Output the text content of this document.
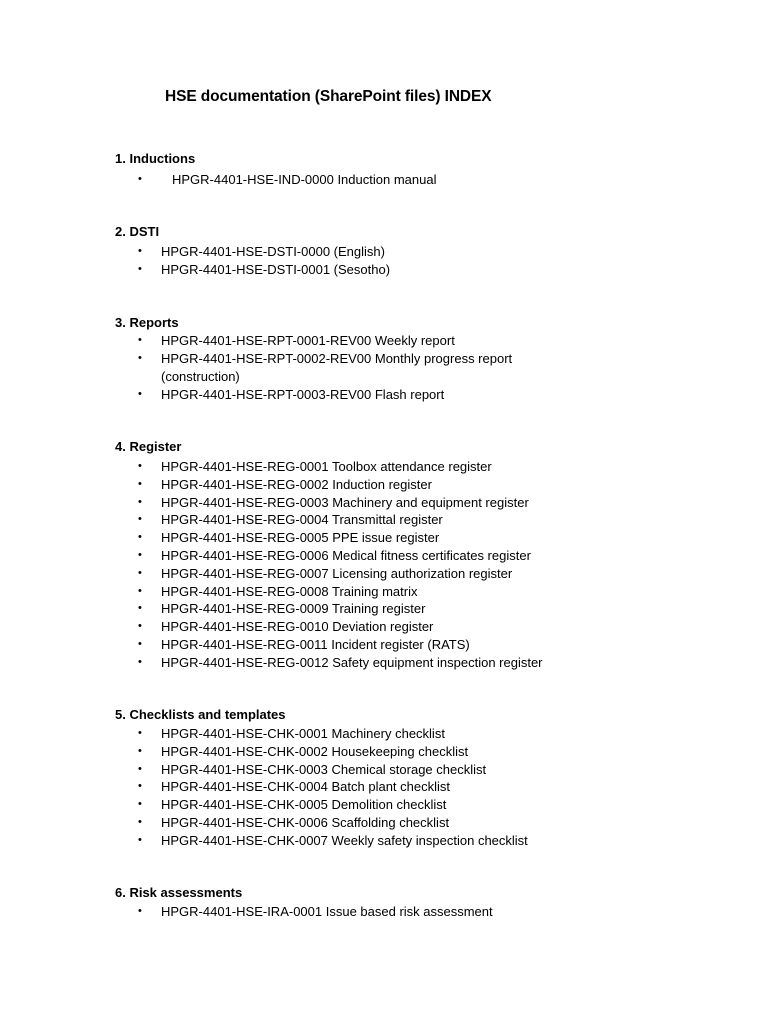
HSE documentation (SharePoint files) INDEX
1. Inductions
• HPGR-4401-HSE-IND-0000 Induction manual
2. DSTI
• HPGR-4401-HSE-DSTI-0000 (English)
• HPGR-4401-HSE-DSTI-0001 (Sesotho)
3. Reports
• HPGR-4401-HSE-RPT-0001-REV00 Weekly report
• HPGR-4401-HSE-RPT-0002-REV00 Monthly progress report
(construction)
• HPGR-4401-HSE-RPT-0003-REV00 Flash report
4. Register
• HPGR-4401-HSE-REG-0001 Toolbox attendance register
• HPGR-4401-HSE-REG-0002 Induction register
• HPGR-4401-HSE-REG-0003 Machinery and equipment register
• HPGR-4401-HSE-REG-0004 Transmittal register
• HPGR-4401-HSE-REG-0005 PPE issue register
• HPGR-4401-HSE-REG-0006 Medical fitness certificates register
• HPGR-4401-HSE-REG-0007 Licensing authorization register
• HPGR-4401-HSE-REG-0008 Training matrix
• HPGR-4401-HSE-REG-0009 Training register
• HPGR-4401-HSE-REG-0010 Deviation register
• HPGR-4401-HSE-REG-0011 Incident register (RATS)
• HPGR-4401-HSE-REG-0012 Safety equipment inspection register
5. Checklists and templates
• HPGR-4401-HSE-CHK-0001 Machinery checklist
• HPGR-4401-HSE-CHK-0002 Housekeeping checklist
• HPGR-4401-HSE-CHK-0003 Chemical storage checklist
• HPGR-4401-HSE-CHK-0004 Batch plant checklist
• HPGR-4401-HSE-CHK-0005 Demolition checklist
• HPGR-4401-HSE-CHK-0006 Scaffolding checklist
• HPGR-4401-HSE-CHK-0007 Weekly safety inspection checklist
6. Risk assessments
• HPGR-4401-HSE-IRA-0001 Issue based risk assessment
